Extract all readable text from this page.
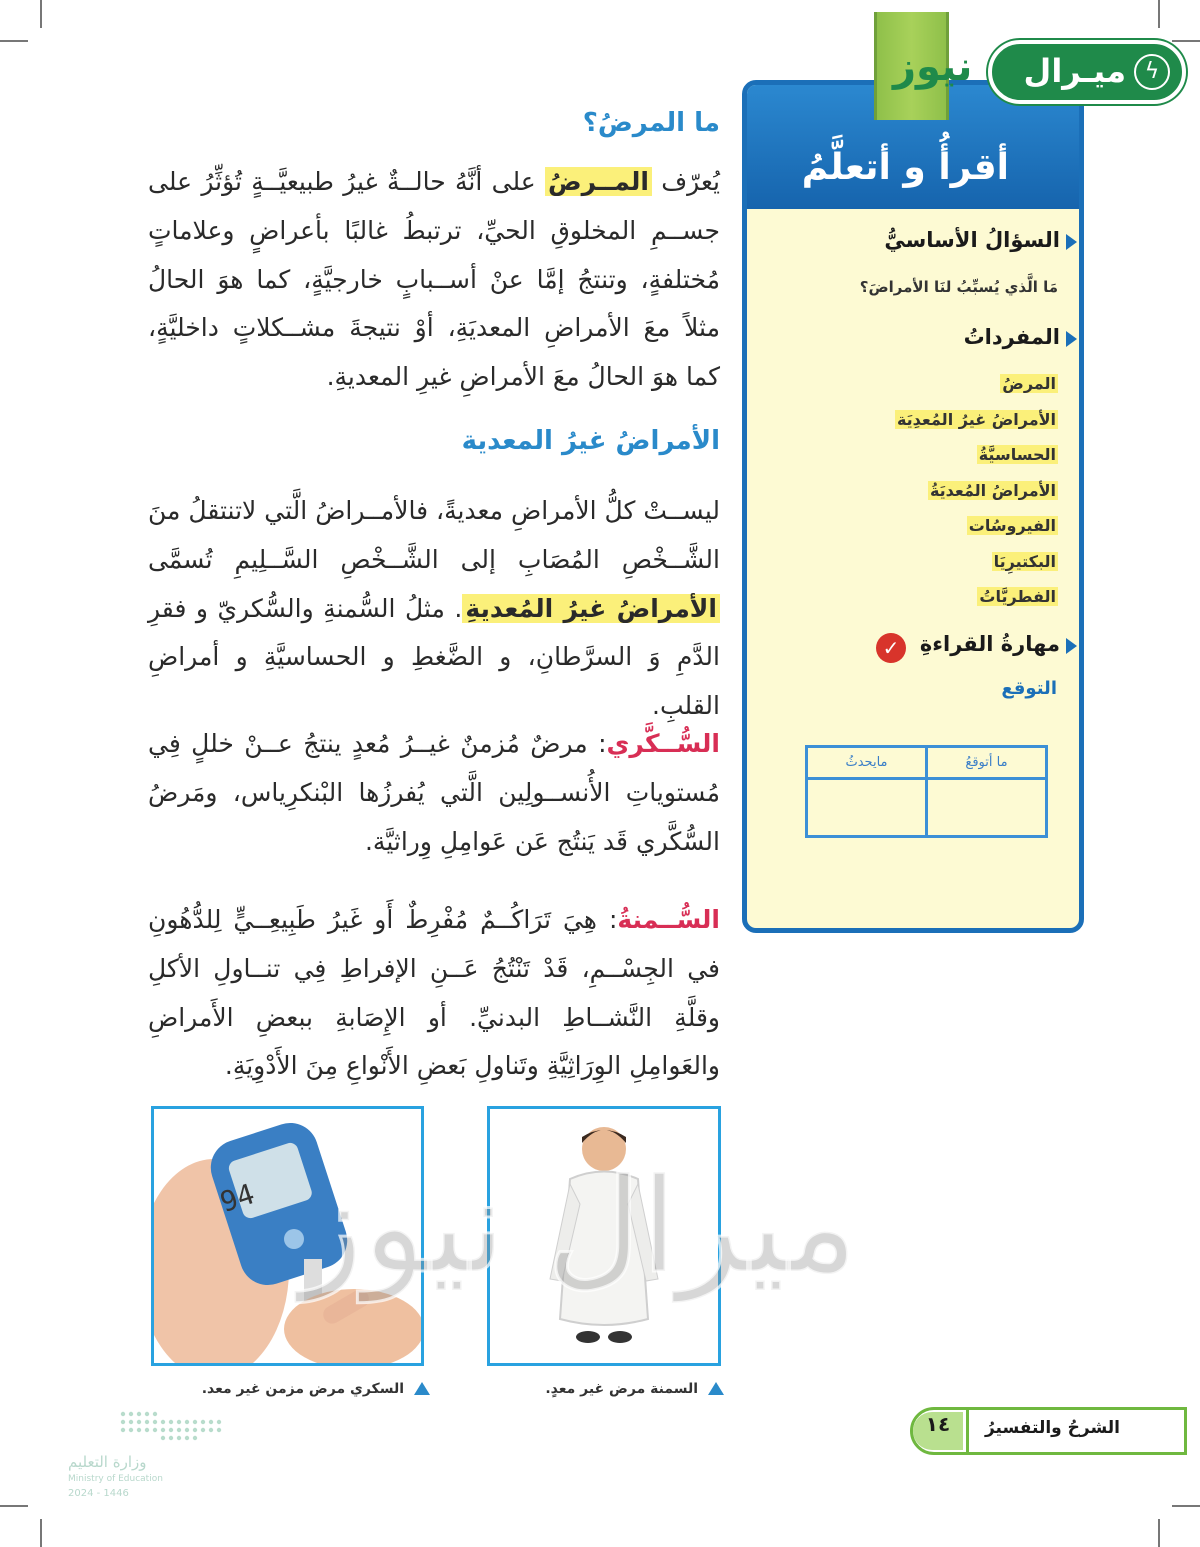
أقرأُ و أتعلَّمُ
السؤالُ الأساسيُّ
مَا الَّذي يُسبِّبُ لنَا الأمراضَ؟
المفرداتُ
المرضُ
الأمراضُ غيرُ المُعدِيَة
الحساسيَّةُ
الأمراضُ المُعديَةُ
الفيروسُات
البكتيرِيَا
الفطريَّاتُ
مهارةُ القراءةِ
✓
التوقع
ما أتوقعُ	مايحدثُ

ميـرال ϟ
نيوز
ما المرضُ؟

يُعرّف المــرضُ على أنَّهُ حالــةٌ غيرُ طبيعيَّــةٍ تُؤثِّرُ على جســمِ المخلوقِ الحيِّ، ترتبطُ غالبًا بأعراضٍ وعلاماتٍ مُختلفةٍ، وتنتجُ إمَّا عنْ أســبابٍ خارجيَّةٍ، كما هوَ الحالُ مثلاً معَ الأمراضِ المعديَةِ، أوْ نتيجةَ مشــكلاتٍ داخليَّةٍ، كما هوَ الحالُ معَ الأمراضِ غيرِ المعديةِ.

الأمراضُ غيرُ المعدية

ليســتْ كلُّ الأمراضِ معديةً، فالأمــراضُ الَّتي لاتنتقلُ منَ الشَّــخْصِ المُصَابِ إلى الشَّــخْصِ السَّــلِيمِ تُسمَّى الأمراضُ غيرُ المُعديةِ. مثلُ السُّمنةِ والسُّكريّ و فقرِ الدَّمِ وَ السرَّطانِ، و الضَّغطِ و الحساسيَّةِ و أمراضِ القلبِ.

السُّــكَّري: مرضٌ مُزمنٌ غيــرُ مُعدٍ ينتجُ عــنْ خللٍ فِي مُستوياتِ الأُنســولِين الَّتي يُفرزُها البْنكرِياس، ومَرضُ السُّكَّري قَد يَنتُج عَن عَوامِلِ وِراثيَّة.

السُّــمنةُ: هِيَ تَرَاكُــمٌ مُفْرِطٌ أَو غَيرُ طَبِيعِــيٍّ لِلدُّهُونِ في الجِسْــمِ، قَدْ تَنْتُجُ عَــنِ الإفراطِ فِي تنــاولِ الأكلِ وقلَّةِ النَّشــاطِ البدنيِّ. أو الإِصَابةِ ببعضِ الأَمراضِ والعَوامِلِ الوِرَاثِيَّةِ وتَناولِ بَعضِ الأَنْواعِ مِنَ الأَدْوِيَةِ.

94
السمنة مرض غير معدٍ.
السكري مرض مزمن غير معد.
ميرال نيوز
١٤	الشرحُ والتفسيرُ
وزارة التعليم
Ministry of Education
2024 - 1446
